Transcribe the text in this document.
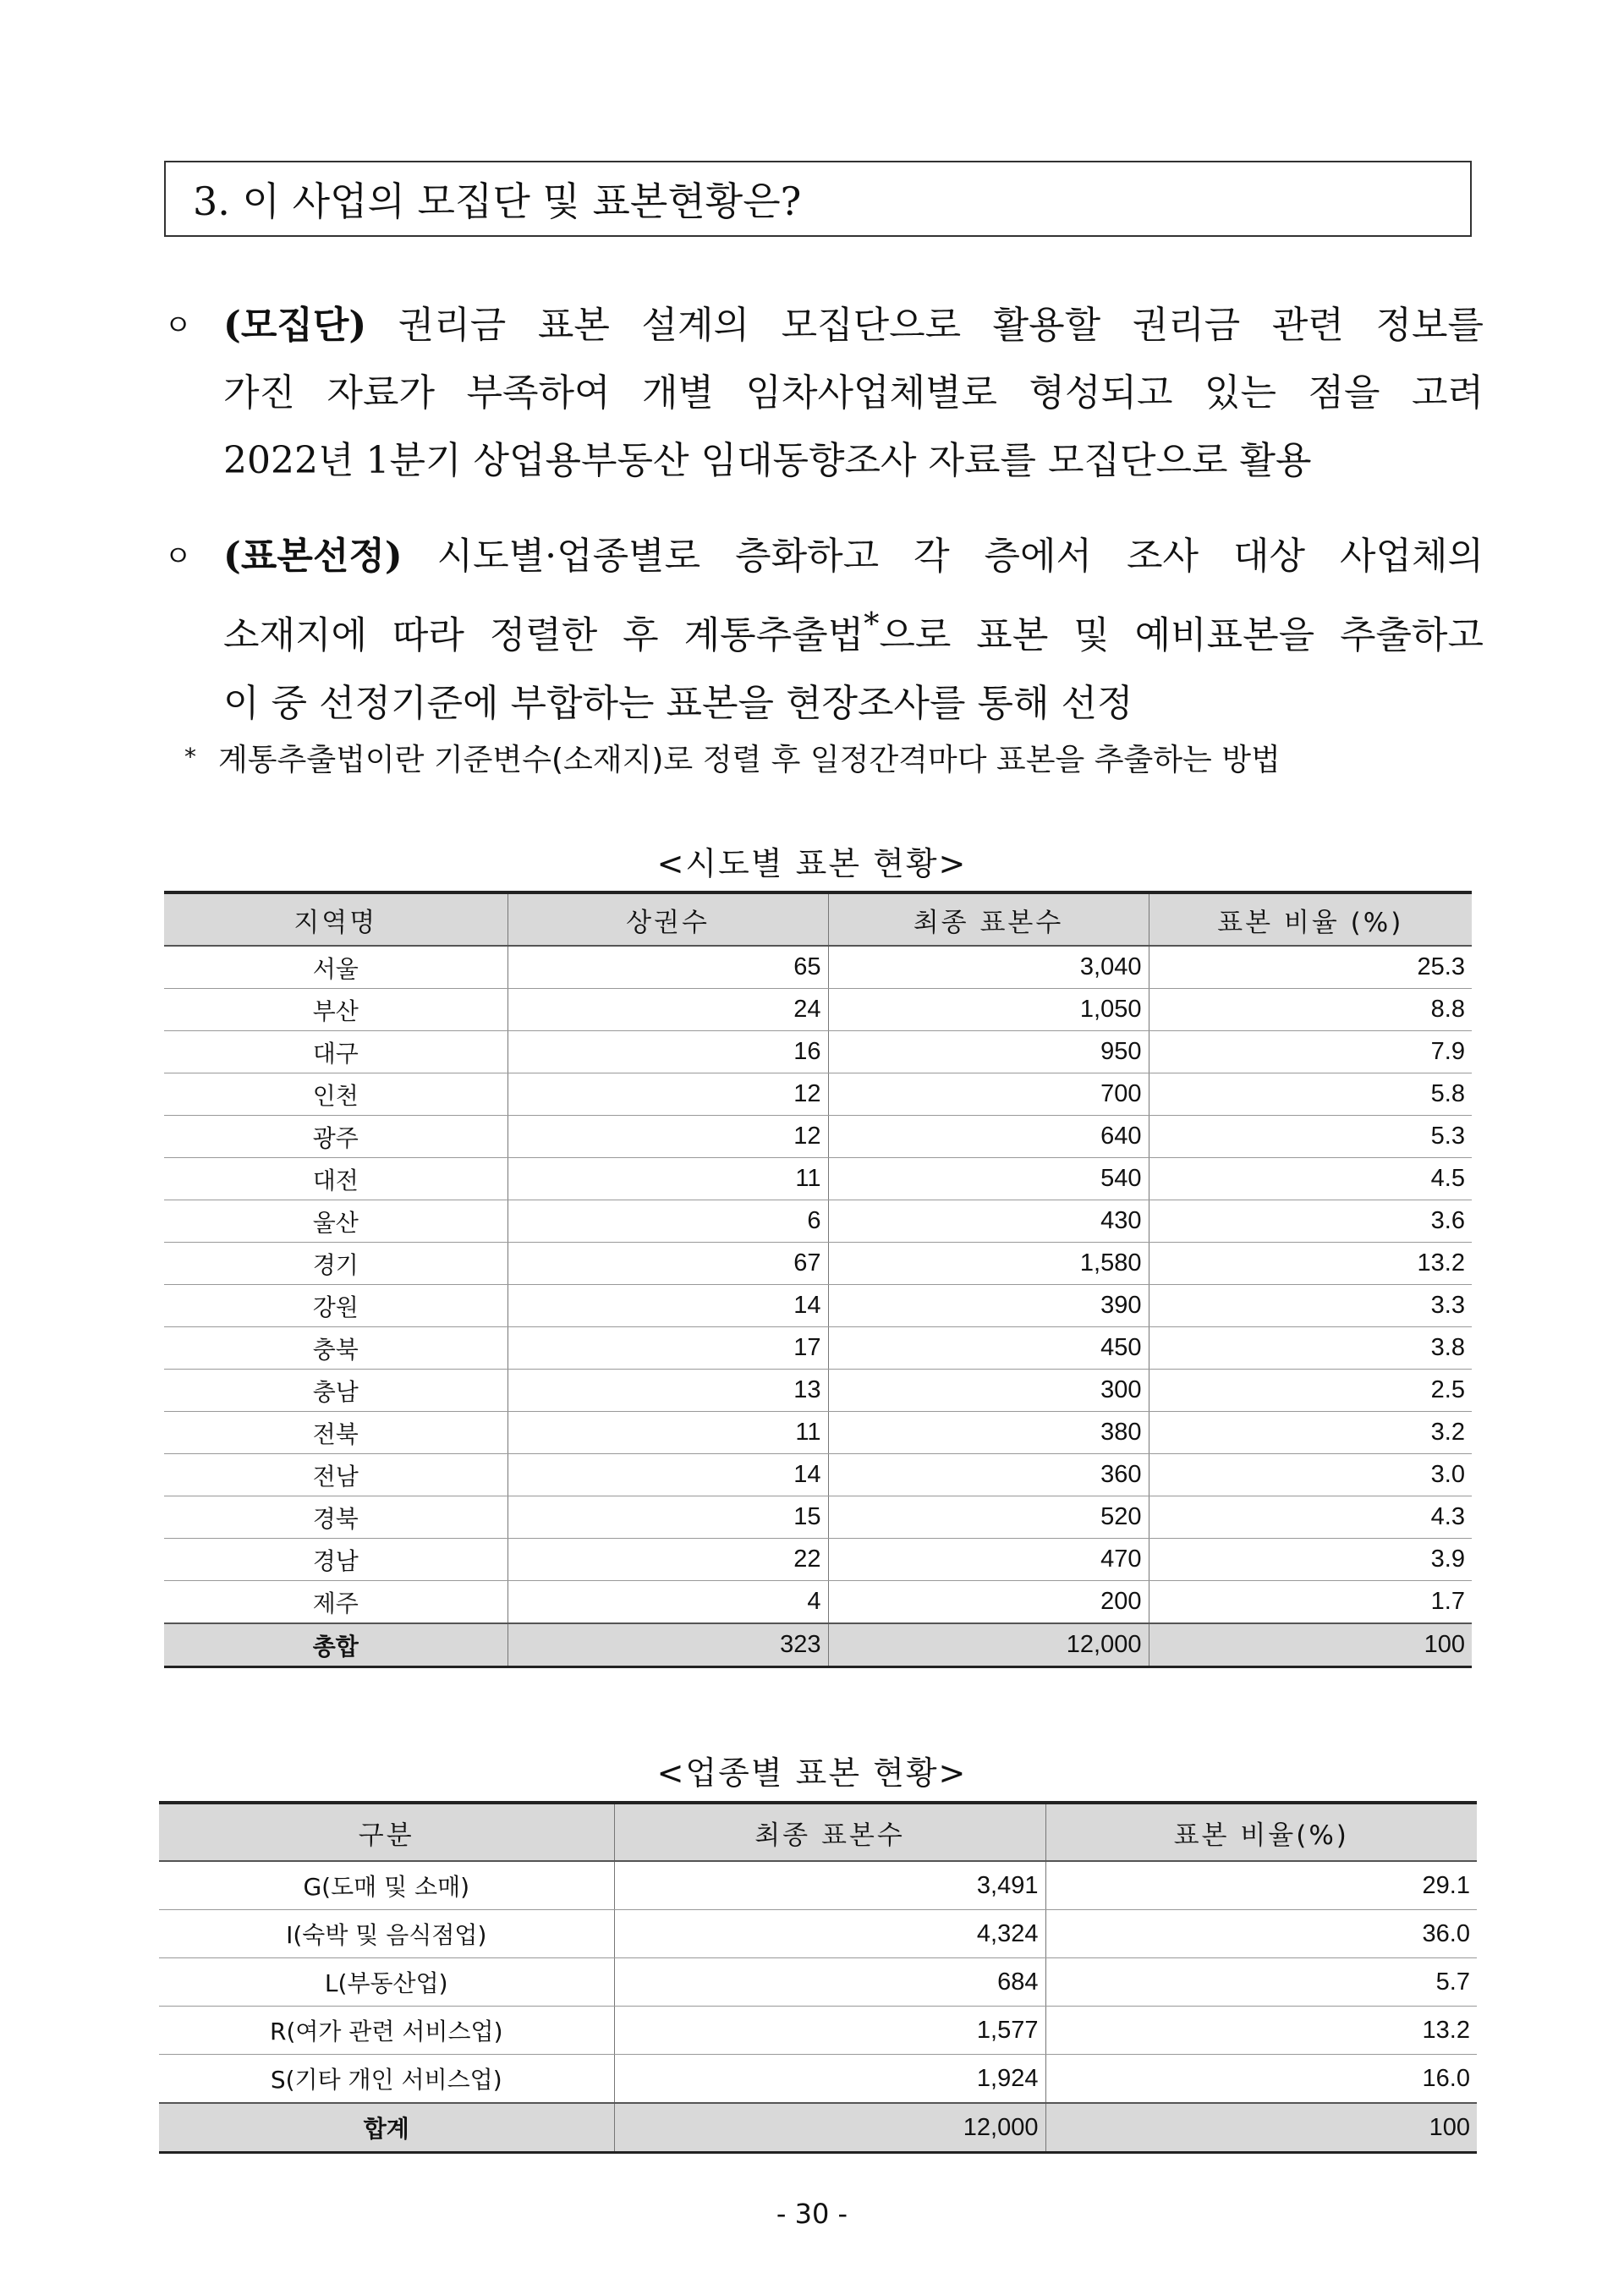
3. 이 사업의 모집단 및 표본현황은?
ㅇ (모집단) 권리금 표본 설계의 모집단으로 활용할 권리금 관련 정보를
가진 자료가 부족하여 개별 임차사업체별로 형성되고 있는 점을 고려
2022년 1분기 상업용부동산 임대동향조사 자료를 모집단으로 활용
ㅇ (표본선정) 시도별·업종별로 층화하고 각 층에서 조사 대상 사업체의
소재지에 따라 정렬한 후 계통추출법*으로 표본 및 예비표본을 추출하고
이 중 선정기준에 부합하는 표본을 현장조사를 통해 선정
* 계통추출법이란 기준변수(소재지)로 정렬 후 일정간격마다 표본을 추출하는 방법
<시도별 표본 현황>
지역명	상권수	최종 표본수	표본 비율 (%)
서울	65	3,040	25.3
부산	24	1,050	8.8
대구	16	950	7.9
인천	12	700	5.8
광주	12	640	5.3
대전	11	540	4.5
울산	6	430	3.6
경기	67	1,580	13.2
강원	14	390	3.3
충북	17	450	3.8
충남	13	300	2.5
전북	11	380	3.2
전남	14	360	3.0
경북	15	520	4.3
경남	22	470	3.9
제주	4	200	1.7
총합	323	12,000	100
<업종별 표본 현황>
구분	최종 표본수	표본 비율(%)
G(도매 및 소매)	3,491	29.1
I(숙박 및 음식점업)	4,324	36.0
L(부동산업)	684	5.7
R(여가 관련 서비스업)	1,577	13.2
S(기타 개인 서비스업)	1,924	16.0
합계	12,000	100
- 30 -
